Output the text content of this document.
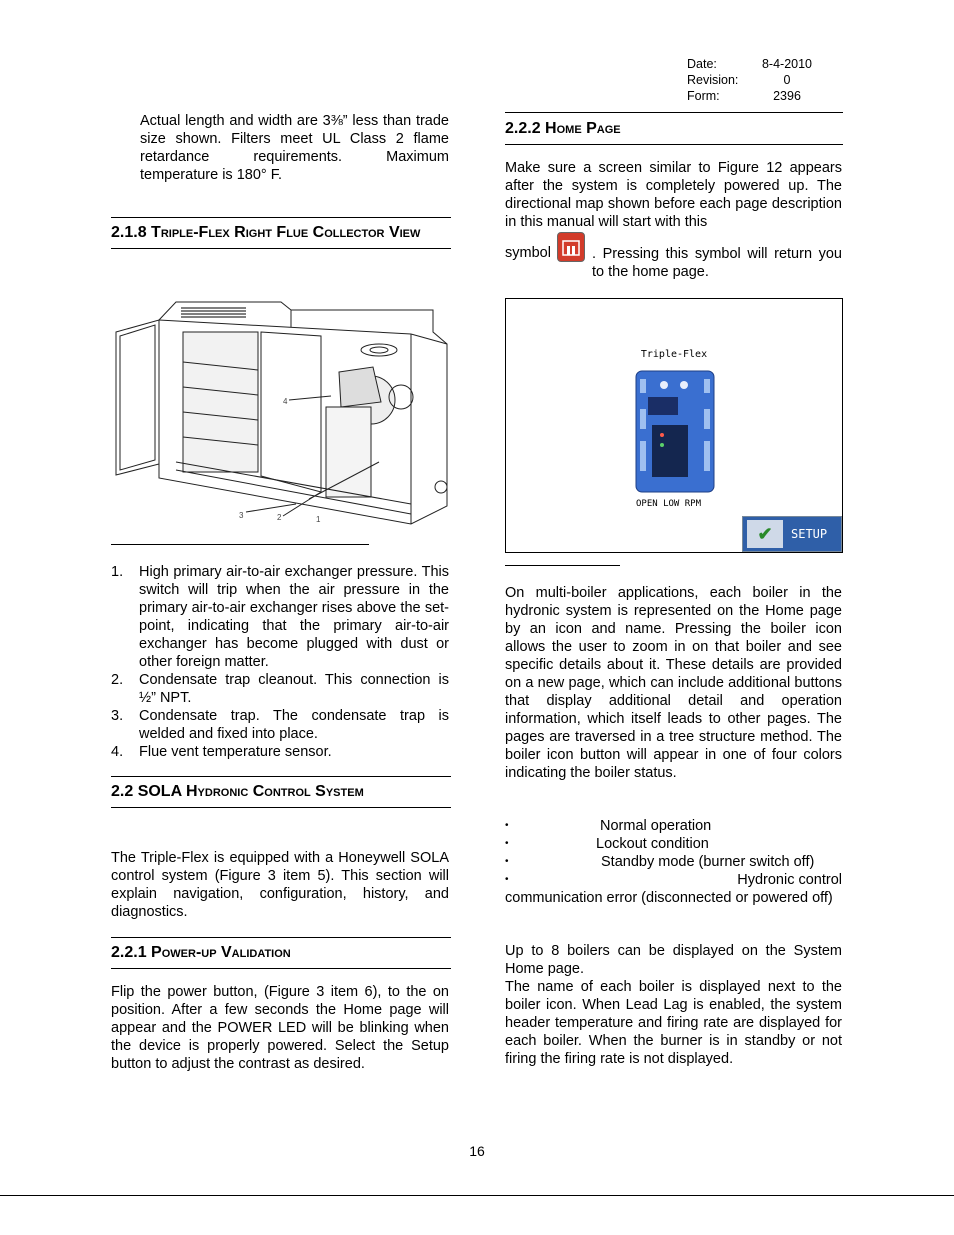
Date:	8-4-2010
Revision:	0
Form:	2396
Actual length and width are 3⅜” less than trade size shown. Filters meet UL Class 2 flame retardance requirements. Maximum temperature is 180° F.
2.1.8 Triple-Flex Right Flue Collector View
1
2
3
4
1.	High primary air-to-air exchanger pressure. This switch will trip when the air pressure in the primary air-to-air exchanger rises above the set-point, indicating that the primary air-to-air exchanger has become plugged with dust or other foreign matter.
2.	Condensate trap cleanout. This connection is ½” NPT.
3.	Condensate trap. The condensate trap is welded and fixed into place.
4.	Flue vent temperature sensor.
2.2 SOLA Hydronic Control System
The Triple-Flex is equipped with a Honeywell SOLA control system (Figure 3 item 5). This section will explain navigation, configuration, history, and diagnostics.
2.2.1 Power-up Validation
Flip the power button, (Figure 3 item 6), to the on position. After a few seconds the Home page will appear and the POWER LED will be blinking when the device is properly powered. Select the Setup button to adjust the contrast as desired.
2.2.2 Home Page
Make sure a screen similar to Figure 12 appears after the system is completely powered up. The directional map shown before each page description in this manual will start with this
symbol	. Pressing this symbol will return you to the home page.
Triple-Flex
OPEN LOW RPM
✔	SETUP
On multi-boiler applications, each boiler in the hydronic system is represented on the Home page by an icon and name. Pressing the boiler icon allows the user to zoom in on that boiler and see specific details about it. These details are provided on a new page, which can include additional buttons that display additional detail and operation information, which itself leads to other pages. The pages are traversed in a tree structure method. The boiler icon button will appear in one of four colors indicating the boiler status.
•	Normal operation
•	Lockout condition
•	Standby mode (burner switch off)
•	Hydronic control
communication error (disconnected or powered off)
Up to 8 boilers can be displayed on the System Home page.
The name of each boiler is displayed next to the boiler icon. When Lead Lag is enabled, the system header temperature and firing rate are displayed for each boiler. When the burner is in standby or not firing the firing rate is not displayed.
16
